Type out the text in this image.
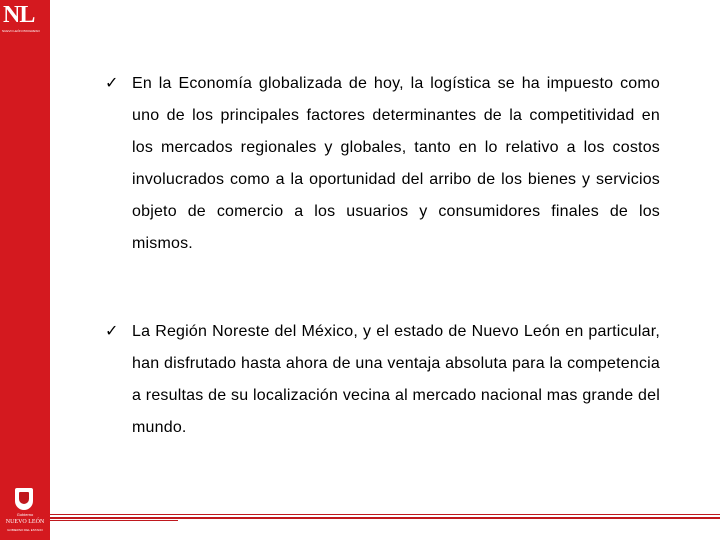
NL
NUEVO LEÓN PROGRESO
Gobierno
NUEVO LEÓN
GOBIERNO DEL ESTADO
✓ En la Economía globalizada de hoy, la logística se ha impuesto como uno de los principales factores determinantes de la competitividad en los mercados regionales y globales, tanto en lo relativo a los costos involucrados como a la oportunidad del arribo de los bienes y servicios objeto de comercio a los usuarios y consumidores finales de los mismos.
✓ La Región Noreste del México, y el estado de Nuevo León en particular, han disfrutado hasta ahora de una ventaja absoluta para la competencia a resultas de su localización vecina al mercado nacional mas grande del mundo.
